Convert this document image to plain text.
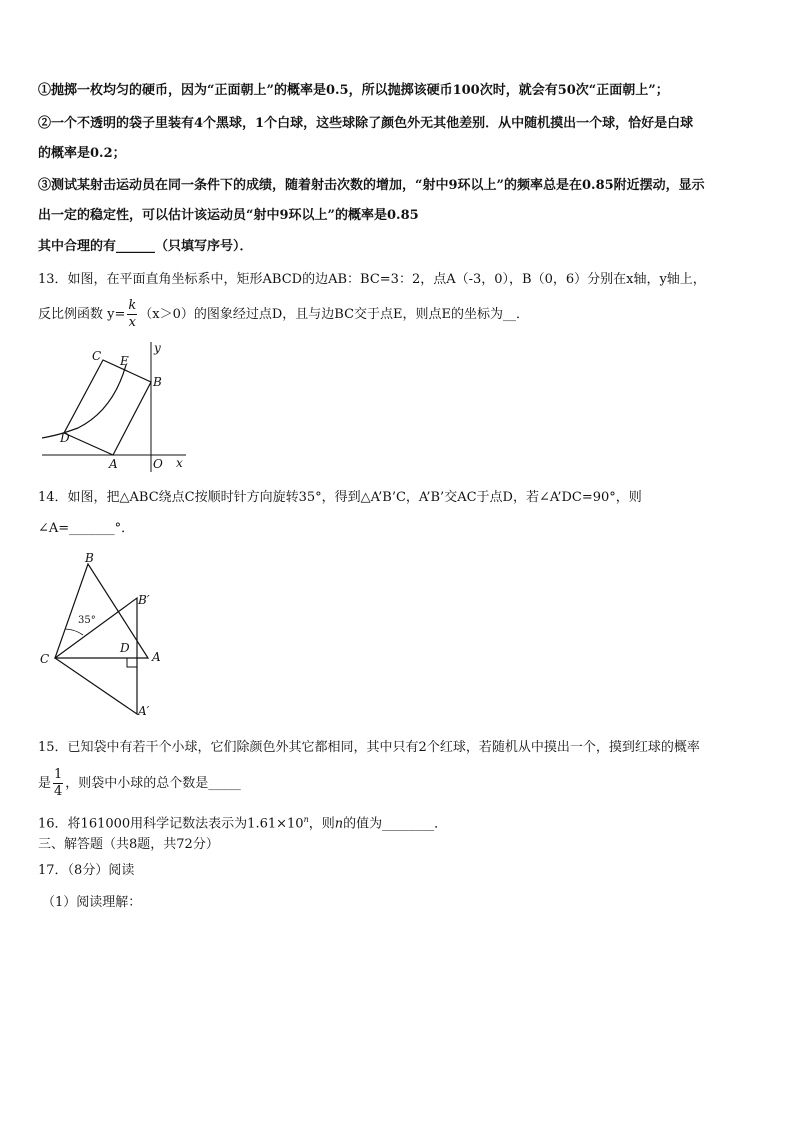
①抛掷一枚均匀的硬币，因为“正面朝上”的概率是0.5，所以抛掷该硬币100次时，就会有50次“正面朝上”；
②一个不透明的袋子里装有4个黑球，1个白球，这些球除了颜色外无其他差别．从中随机摸出一个球，恰好是白球
的概率是0.2；
③测试某射击运动员在同一条件下的成绩，随着射击次数的增加，“射中9环以上”的频率总是在0.85附近摆动，显示
出一定的稳定性，可以估计该运动员“射中9环以上”的概率是0.85
其中合理的有______（只填写序号）．
13．如图，在平面直角坐标系中，矩形ABCD的边AB：BC=3：2，点A（-3，0），B（0，6）分别在x轴，y轴上，
反比例函数 $y= \frac{k}{x} (x>0)$的图象经过点D，且与边BC交于点E，则点E的坐标为__．
C E
B
D
A	O x
y
14．如图，把△ABC绕点C按顺时针方向旋转35°，得到△A’B’C，A’B’交AC于点D，若∠A’DC=90°，则
∠A=_______°．
B
B′
C
D
A
A′
35°
15．已知袋中有若干个小球，它们除颜色外其它都相同，其中只有2个红球，若随机从中摸出一个，摸到红球的概率
是 $\frac{1}{4}$ ，则袋中小球的总个数是_____
16．将161000用科学记数法表示为$1.61\times 10^n$，则n的值为________．
三、解答题（共8题，共72分）
17．（8分）阅读
（1）阅读理解：
